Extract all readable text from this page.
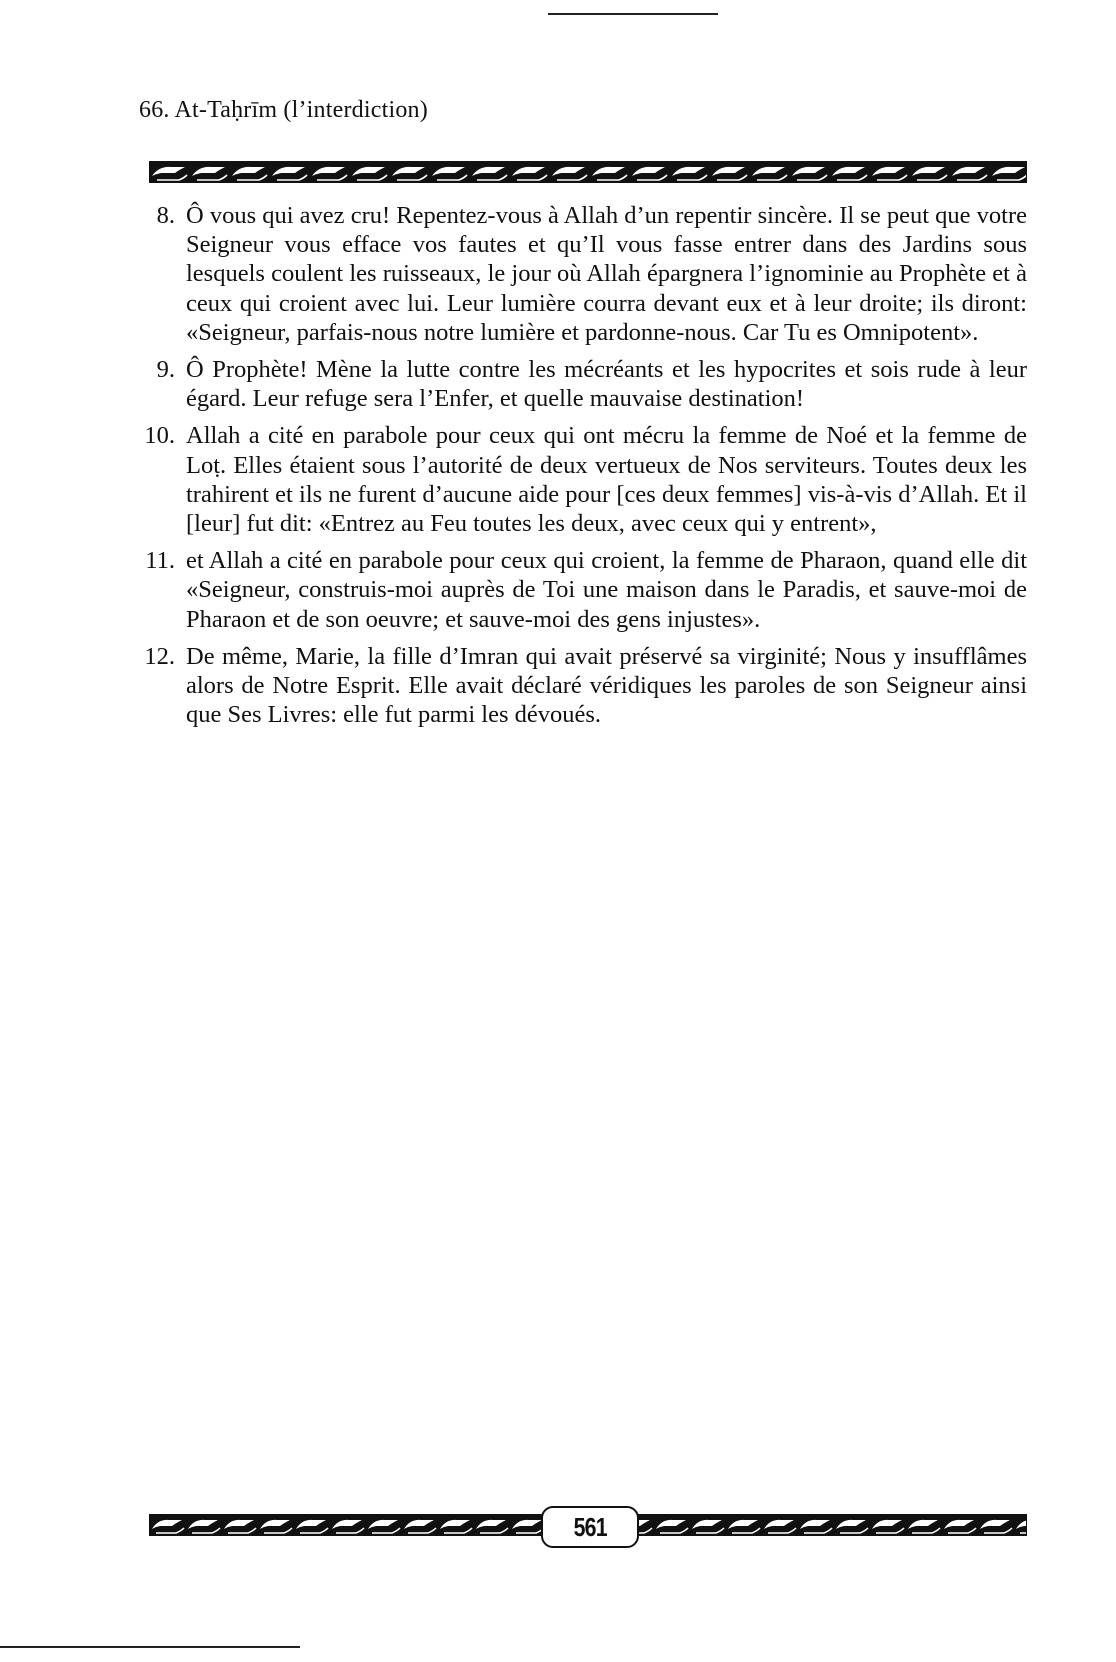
66. At-Taḥrīm (l’interdiction)
8. Ô vous qui avez cru! Repentez-vous à Allah d’un repentir sincère. Il se peut que votre Seigneur vous efface vos fautes et qu’Il vous fasse entrer dans des Jardins sous lesquels coulent les ruisseaux, le jour où Allah épargnera l’ignominie au Prophète et à ceux qui croient avec lui. Leur lumière courra devant eux et à leur droite; ils diront: «Seigneur, parfais-nous notre lumière et pardonne-nous. Car Tu es Omnipotent».
9. Ô Prophète! Mène la lutte contre les mécréants et les hypocrites et sois rude à leur égard. Leur refuge sera l’Enfer, et quelle mauvaise destination!
10. Allah a cité en parabole pour ceux qui ont mécru la femme de Noé et la femme de Loṭ. Elles étaient sous l’autorité de deux vertueux de Nos serviteurs. Toutes deux les trahirent et ils ne furent d’aucune aide pour [ces deux femmes] vis-à-vis d’Allah. Et il [leur] fut dit: «Entrez au Feu toutes les deux, avec ceux qui y entrent»,
11. et Allah a cité en parabole pour ceux qui croient, la femme de Pharaon, quand elle dit «Seigneur, construis-moi auprès de Toi une maison dans le Paradis, et sauve-moi de Pharaon et de son oeuvre; et sauve-moi des gens injustes».
12. De même, Marie, la fille d’Imran qui avait préservé sa virginité; Nous y insufflâmes alors de Notre Esprit. Elle avait déclaré véridiques les paroles de son Seigneur ainsi que Ses Livres: elle fut parmi les dévoués.
561
